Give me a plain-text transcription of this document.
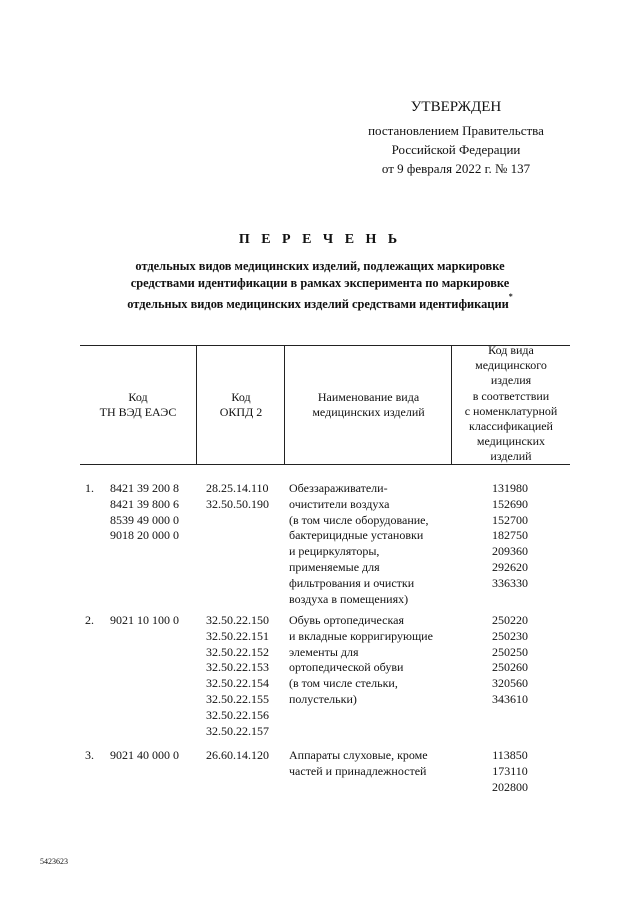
УТВЕРЖДЕН
постановлением Правительства
Российской Федерации
от 9 февраля 2022 г. № 137
П Е Р Е Ч Е Н Ь
отдельных видов медицинских изделий, подлежащих маркировке
средствами идентификации в рамках эксперимента по маркировке
отдельных видов медицинских изделий средствами идентификации*
Код
ТН ВЭД ЕАЭС
Код
ОКПД 2
Наименование вида
медицинских изделий
Код вида
медицинского
изделия
в соответствии
с номенклатурной
классификацией
медицинских
изделий
1. 8421 39 200 8
8421 39 800 6
8539 49 000 0
9018 20 000 0
28.25.14.110
32.50.50.190
Обеззараживатели-
очистители воздуха
(в том числе оборудование,
бактерицидные установки
и рециркуляторы,
применяемые для
фильтрования и очистки
воздуха в помещениях)
131980
152690
152700
182750
209360
292620
336330
2. 9021 10 100 0 32.50.22.150
32.50.22.151
32.50.22.152
32.50.22.153
32.50.22.154
32.50.22.155
32.50.22.156
32.50.22.157
Обувь ортопедическая
и вкладные корригирующие
элементы для
ортопедической обуви
(в том числе стельки,
полустельки)
250220
250230
250250
250260
320560
343610
3. 9021 40 000 0 26.60.14.120 Аппараты слуховые, кроме
частей и принадлежностей
113850
173110
202800
5423623
